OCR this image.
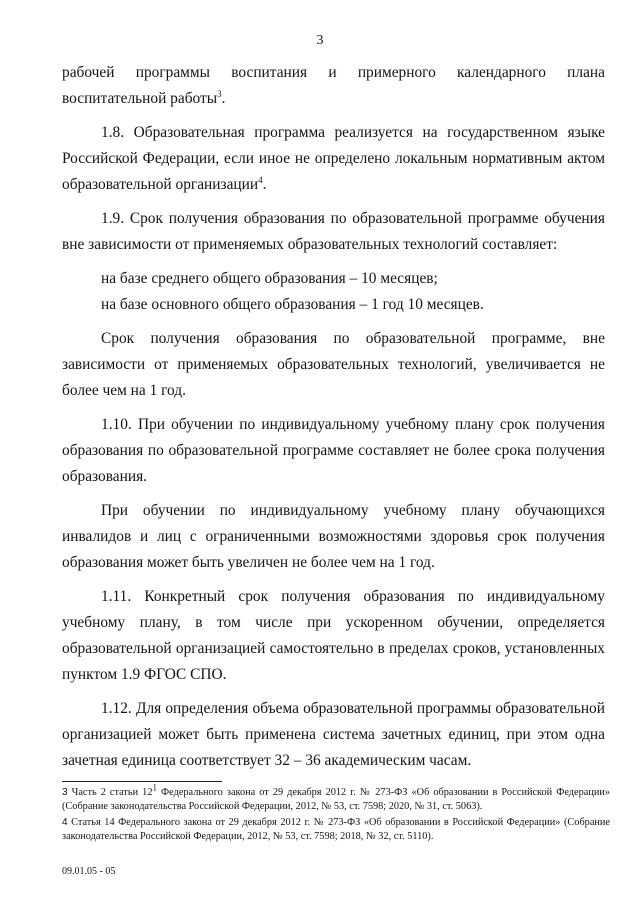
3

рабочей программы воспитания и примерного календарного плана воспитательной работы$^3$.

1.8. Образовательная программа реализуется на государственном языке Российской Федерации, если иное не определено локальным нормативным актом образовательной организации$^4$.

1.9. Срок получения образования по образовательной программе обучения вне зависимости от применяемых образовательных технологий составляет:

на базе среднего общего образования – 10 месяцев;

на базе основного общего образования – 1 год 10 месяцев.

Срок получения образования по образовательной программе, вне зависимости от применяемых образовательных технологий, увеличивается не более чем на 1 год.

1.10. При обучении по индивидуальному учебному плану срок получения образования по образовательной программе составляет не более срока получения образования.

При обучении по индивидуальному учебному плану обучающихся инвалидов и лиц с ограниченными возможностями здоровья срок получения образования может быть увеличен не более чем на 1 год.

1.11. Конкретный срок получения образования по индивидуальному учебному плану, в том числе при ускоренном обучении, определяется образовательной организацией самостоятельно в пределах сроков, установленных пунктом 1.9 ФГОС СПО.

1.12. Для определения объема образовательной программы образовательной организацией может быть применена система зачетных единиц, при этом одна зачетная единица соответствует 32 – 36 академическим часам.

3 Часть 2 статьи $12^1$ Федерального закона от 29 декабря 2012 г. № 273-ФЗ «Об образовании в Российской Федерации» (Собрание законодательства Российской Федерации, 2012, № 53, ст. 7598; 2020, № 31, ст. 5063).

4 Статья 14 Федерального закона от 29 декабря 2012 г. № 273-ФЗ «Об образовании в Российской Федерации» (Собрание законодательства Российской Федерации, 2012, № 53, ст. 7598; 2018, № 32, ст. 5110).

09.01.05 - 05
